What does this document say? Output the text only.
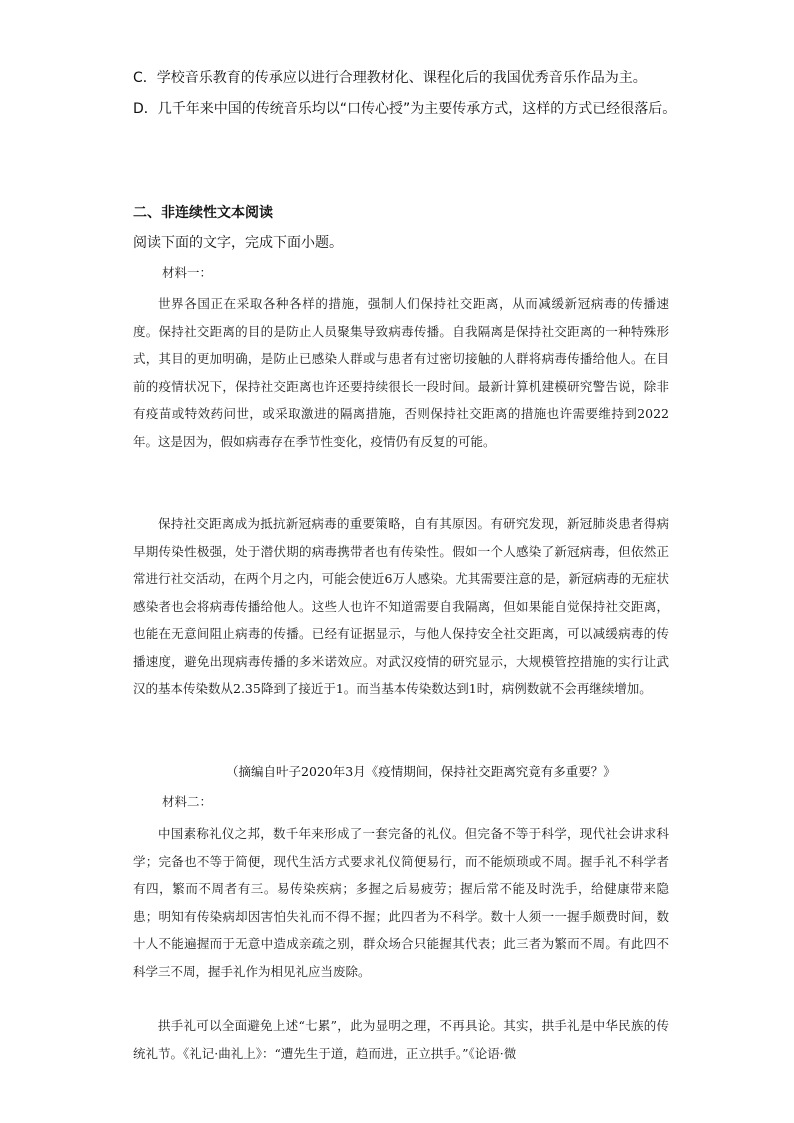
C．学校音乐教育的传承应以进行合理教材化、课程化后的我国优秀音乐作品为主。
D．几千年来中国的传统音乐均以“口传心授”为主要传承方式，这样的方式已经很落后。
二、非连续性文本阅读
阅读下面的文字，完成下面小题。
材料一：
世界各国正在采取各种各样的措施，强制人们保持社交距离，从而减缓新冠病毒的传播速度。保持社交距离的目的是防止人员聚集导致病毒传播。自我隔离是保持社交距离的一种特殊形式，其目的更加明确，是防止已感染人群或与患者有过密切接触的人群将病毒传播给他人。在目前的疫情状况下，保持社交距离也许还要持续很长一段时间。最新计算机建模研究警告说，除非有疫苗或特效药问世，或采取激进的隔离措施，否则保持社交距离的措施也许需要维持到2022年。这是因为，假如病毒存在季节性变化，疫情仍有反复的可能。
保持社交距离成为抵抗新冠病毒的重要策略，自有其原因。有研究发现，新冠肺炎患者得病早期传染性极强，处于潜伏期的病毒携带者也有传染性。假如一个人感染了新冠病毒，但依然正常进行社交活动，在两个月之内，可能会使近6万人感染。尤其需要注意的是，新冠病毒的无症状感染者也会将病毒传播给他人。这些人也许不知道需要自我隔离，但如果能自觉保持社交距离，也能在无意间阻止病毒的传播。已经有证据显示，与他人保持安全社交距离，可以减缓病毒的传播速度，避免出现病毒传播的多米诺效应。对武汉疫情的研究显示，大规模管控措施的实行让武汉的基本传染数从2.35降到了接近于1。而当基本传染数达到1时，病例数就不会再继续增加。
（摘编自叶子2020年3月《疫情期间，保持社交距离究竟有多重要？》
材料二：
中国素称礼仪之邦，数千年来形成了一套完备的礼仪。但完备不等于科学，现代社会讲求科学；完备也不等于简便，现代生活方式要求礼仪简便易行，而不能烦琐或不周。握手礼不科学者有四，繁而不周者有三。易传染疾病；多握之后易疲劳；握后常不能及时洗手，给健康带来隐患；明知有传染病却因害怕失礼而不得不握；此四者为不科学。数十人须一一握手颇费时间，数十人不能遍握而于无意中造成亲疏之别，群众场合只能握其代表；此三者为繁而不周。有此四不科学三不周，握手礼作为相见礼应当废除。
拱手礼可以全面避免上述“七累”，此为显明之理，不再具论。其实，拱手礼是中华民族的传统礼节。《礼记·曲礼上》：“遭先生于道，趋而进，正立拱手。”《论语·微
